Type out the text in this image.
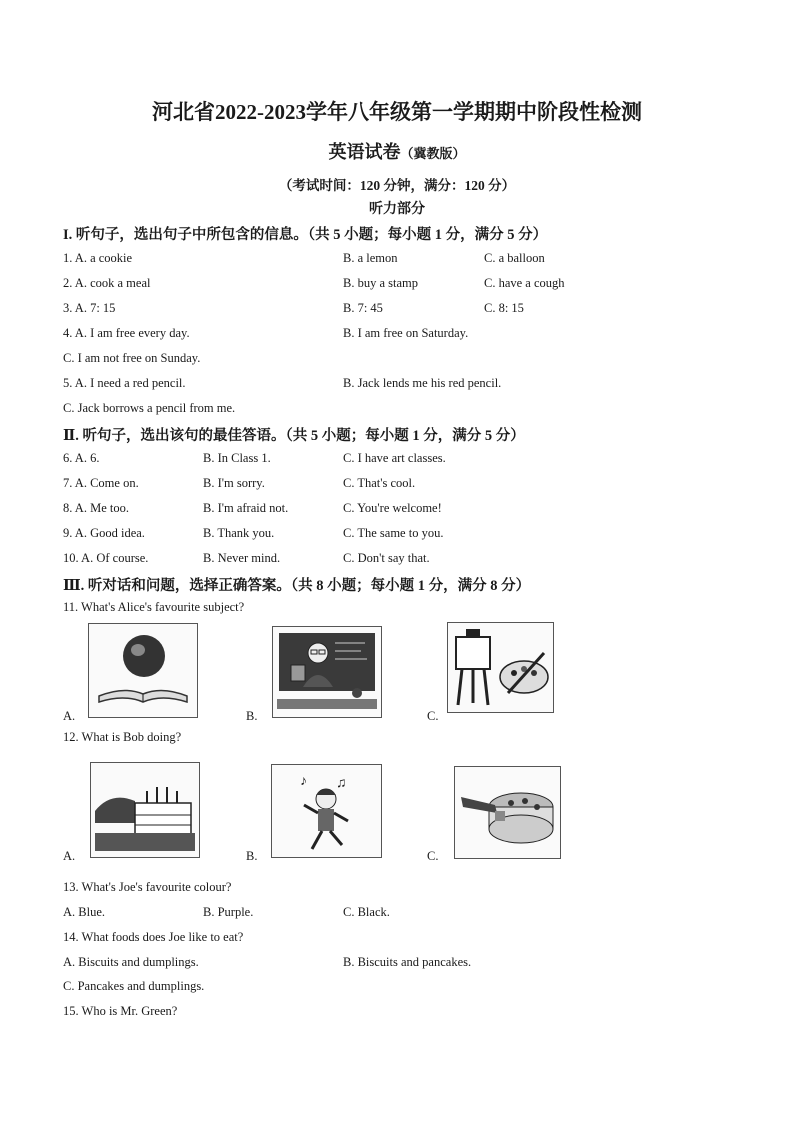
河北省2022-2023学年八年级第一学期期中阶段性检测
英语试卷（冀教版）
（考试时间：120 分钟，满分：120 分）
听力部分
I. 听句子，选出句子中所包含的信息。（共 5 小题；每小题 1 分，满分 5 分）
1. A. a cookie	B. a lemon	C. a balloon
2. A. cook a meal	B. buy a stamp	C. have a cough
3. A. 7: 15	B. 7: 45	C. 8: 15
4. A. I am free every day.	B. I am free on Saturday.
C. I am not free on Sunday.
5. A. I need a red pencil.	B. Jack lends me his red pencil.
C. Jack borrows a pencil from me.
Ⅱ. 听句子，选出该句的最佳答语。（共 5 小题；每小题 1 分，满分 5 分）
6. A. 6.	B. In Class 1.	C. I have art classes.
7. A. Come on.	B. I'm sorry.	C. That's cool.
8. A. Me too.	B. I'm afraid not.	C. You're welcome!
9. A. Good idea.	B. Thank you.	C. The same to you.
10. A. Of course.	B. Never mind.	C. Don't say that.
Ⅲ. 听对话和问题，选择正确答案。（共 8 小题；每小题 1 分，满分 8 分）
11. What's Alice's favourite subject?
A.	B.	C.
12. What is Bob doing?
A.
♪ ♫
B.	C.
13. What's Joe's favourite colour?
A. Blue.	B. Purple.	C. Black.
14. What foods does Joe like to eat?
A. Biscuits and dumplings.	B. Biscuits and pancakes.
C. Pancakes and dumplings.
15. Who is Mr. Green?
